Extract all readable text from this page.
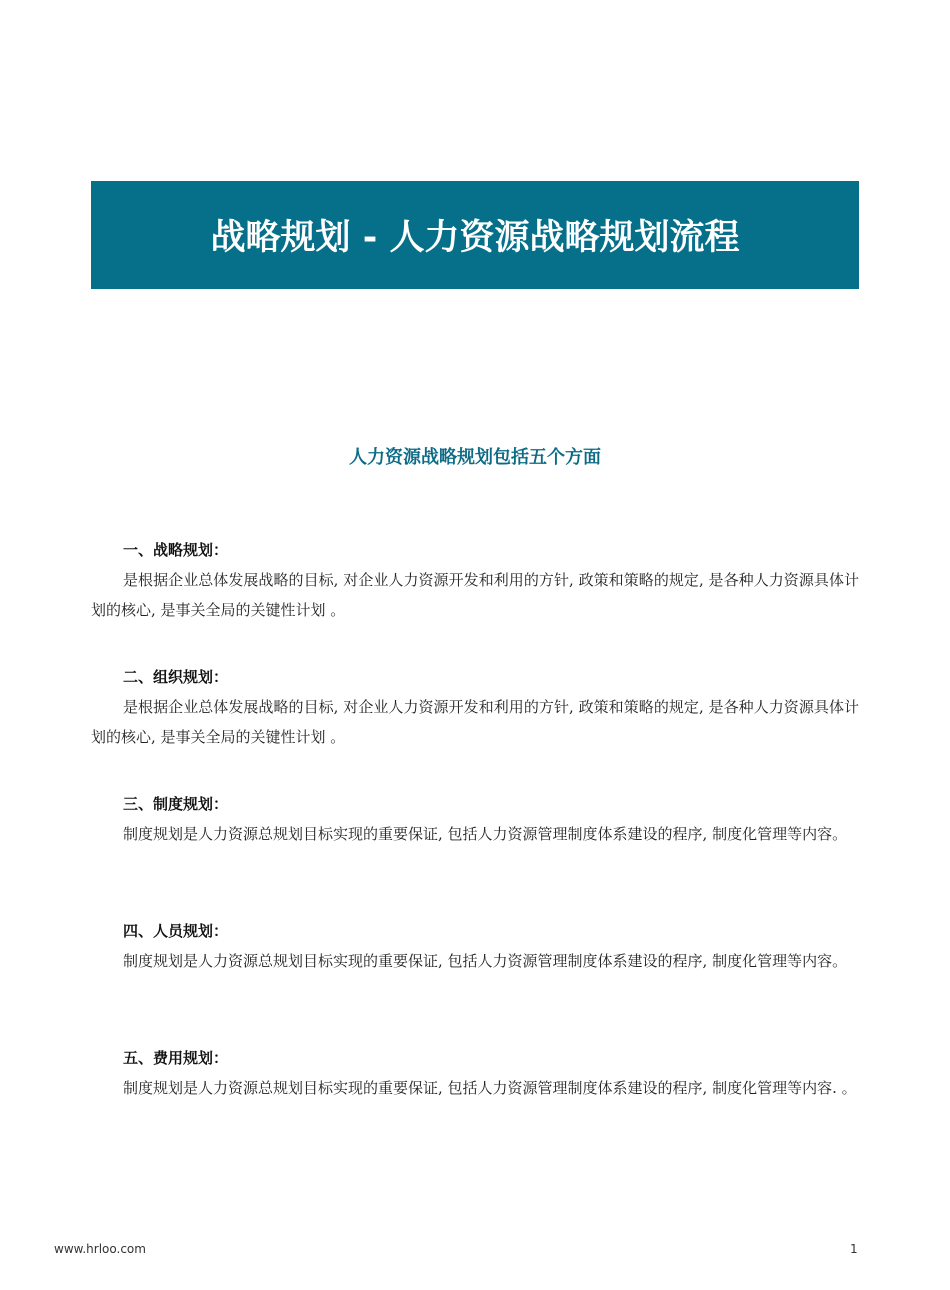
战略规划 - 人力资源战略规划流程
人力资源战略规划包括五个方面
一、战略规划：

是根据企业总体发展战略的目标, 对企业人力资源开发和利用的方针, 政策和策略的规定, 是各种人力资源具体计划的核心, 是事关全局的关键性计划 。

二、组织规划：

是根据企业总体发展战略的目标, 对企业人力资源开发和利用的方针, 政策和策略的规定, 是各种人力资源具体计划的核心, 是事关全局的关键性计划 。

三、制度规划：

制度规划是人力资源总规划目标实现的重要保证, 包括人力资源管理制度体系建设的程序, 制度化管理等内容。

四、人员规划：

制度规划是人力资源总规划目标实现的重要保证, 包括人力资源管理制度体系建设的程序, 制度化管理等内容。

五、费用规划：

制度规划是人力资源总规划目标实现的重要保证, 包括人力资源管理制度体系建设的程序, 制度化管理等内容. 。

www.hrloo.com	1
